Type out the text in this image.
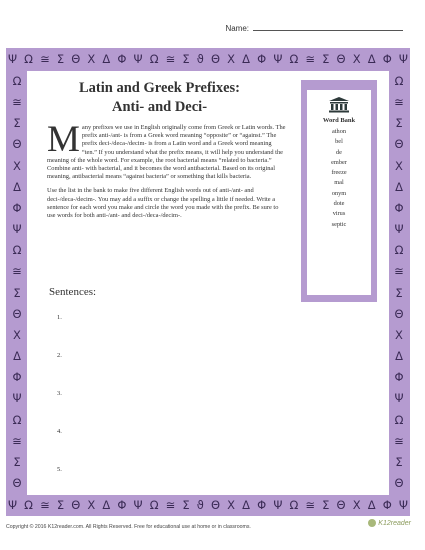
Name:
Ψ Ω ≅ Σ Θ Χ Δ Φ Ψ Ω ≅ Σ ϑ Θ Χ Δ Φ Ψ Ω ≅ Σ Θ Χ Δ Φ Ψ
Ω
≅
Σ
Θ
Χ
Δ
Φ
Ψ
Ω
≅
Σ
Θ
Χ
Δ
Φ
Ψ
Ω
≅
Σ
Θ
Ω
≅
Σ
Θ
Χ
Δ
Φ
Ψ
Ω
≅
Σ
Θ
Χ
Δ
Φ
Ψ
Ω
≅
Σ
Θ
Ψ Ω ≅ Σ Θ Χ Δ Φ Ψ Ω ≅ Σ ϑ Θ Χ Δ Φ Ψ Ω ≅ Σ Θ Χ Δ Φ Ψ
Latin and Greek Prefixes:
Anti- and Deci-

Many prefixes we use in English originally come from Greek or Latin words. The prefix anti-/ant- is from a Greek word meaning “opposite” or “against.” The prefix deci-/deca-/decim- is from a Latin word and a Greek word meaning “ten.” If you understand what the prefix means, it will help you understand the meaning of the whole word. For example, the root bacterial means “related to bacteria.” Combine anti- with bacterial, and it becomes the word antibacterial. Based on its original meaning, antibacterial means “against bacteria” or something that kills bacteria.

Use the list in the bank to make five different English words out of anti-/ant- and deci-/deca-/decim-. You may add a suffix or change the spelling a little if needed. Write a sentence for each word you make and circle the word you made with the prefix. Be sure to use words for both anti-/ant- and deci-/deca-/decim-.

Word Bank
athon
bel
de
ember
freeze
mal
onym
dote
virus
septic
Sentences:
1.
2.
3.
4.
5.
Copyright © 2016 K12reader.com. All Rights Reserved. Free for educational use at home or in classrooms.
K12reader
